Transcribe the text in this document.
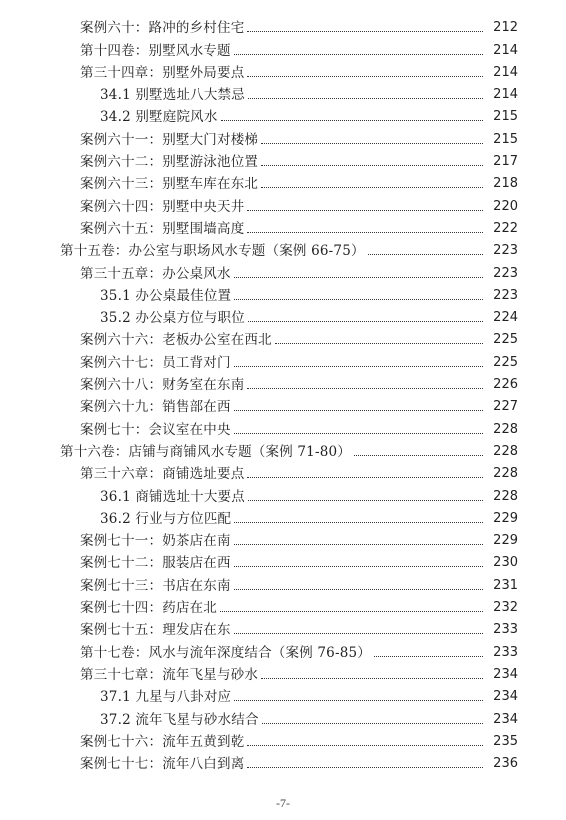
案例六十：路冲的乡村住宅	212
第十四卷：别墅风水专题	214
第三十四章：别墅外局要点	214
34.1 别墅选址八大禁忌	214
34.2 别墅庭院风水	215
案例六十一：别墅大门对楼梯	215
案例六十二：别墅游泳池位置	217
案例六十三：别墅车库在东北	218
案例六十四：别墅中央天井	220
案例六十五：别墅围墙高度	222
第十五卷：办公室与职场风水专题（案例 66-75）	223
第三十五章：办公桌风水	223
35.1 办公桌最佳位置	223
35.2 办公桌方位与职位	224
案例六十六：老板办公室在西北	225
案例六十七：员工背对门	225
案例六十八：财务室在东南	226
案例六十九：销售部在西	227
案例七十：会议室在中央	228
第十六卷：店铺与商铺风水专题（案例 71-80）	228
第三十六章：商铺选址要点	228
36.1 商铺选址十大要点	228
36.2 行业与方位匹配	229
案例七十一：奶茶店在南	229
案例七十二：服装店在西	230
案例七十三：书店在东南	231
案例七十四：药店在北	232
案例七十五：理发店在东	233
第十七卷：风水与流年深度结合（案例 76-85）	233
第三十七章：流年飞星与砂水	234
37.1 九星与八卦对应	234
37.2 流年飞星与砂水结合	234
案例七十六：流年五黄到乾	235
案例七十七：流年八白到离	236
-7-
